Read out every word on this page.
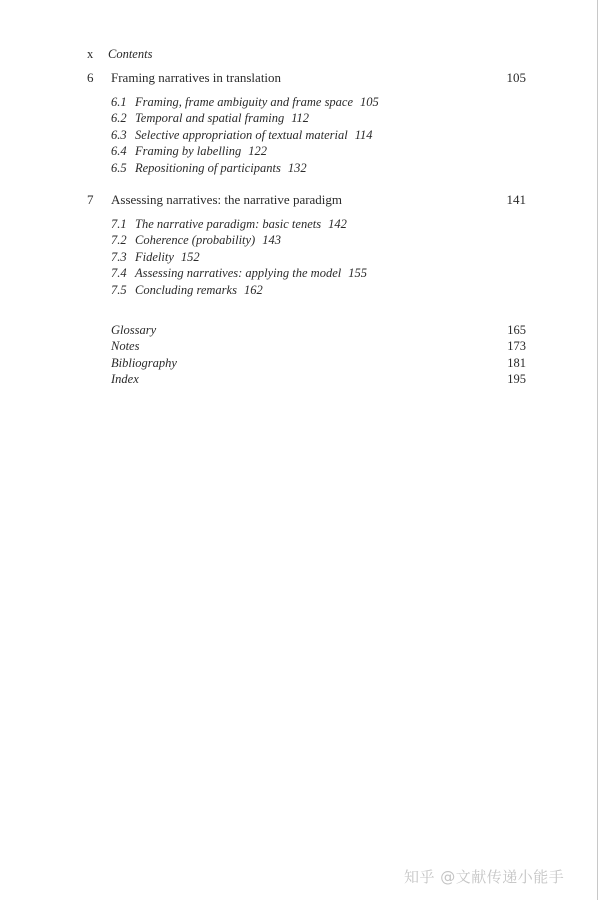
x Contents
6	Framing narratives in translation	105
6.1 Framing, frame ambiguity and frame space 105
6.2 Temporal and spatial framing 112
6.3 Selective appropriation of textual material 114
6.4 Framing by labelling 122
6.5 Repositioning of participants 132
7	Assessing narratives: the narrative paradigm	141
7.1 The narrative paradigm: basic tenets 142
7.2 Coherence (probability) 143
7.3 Fidelity 152
7.4 Assessing narratives: applying the model 155
7.5 Concluding remarks 162
Glossary	165
Notes	173
Bibliography	181
Index	195
知乎 @文献传递小能手
